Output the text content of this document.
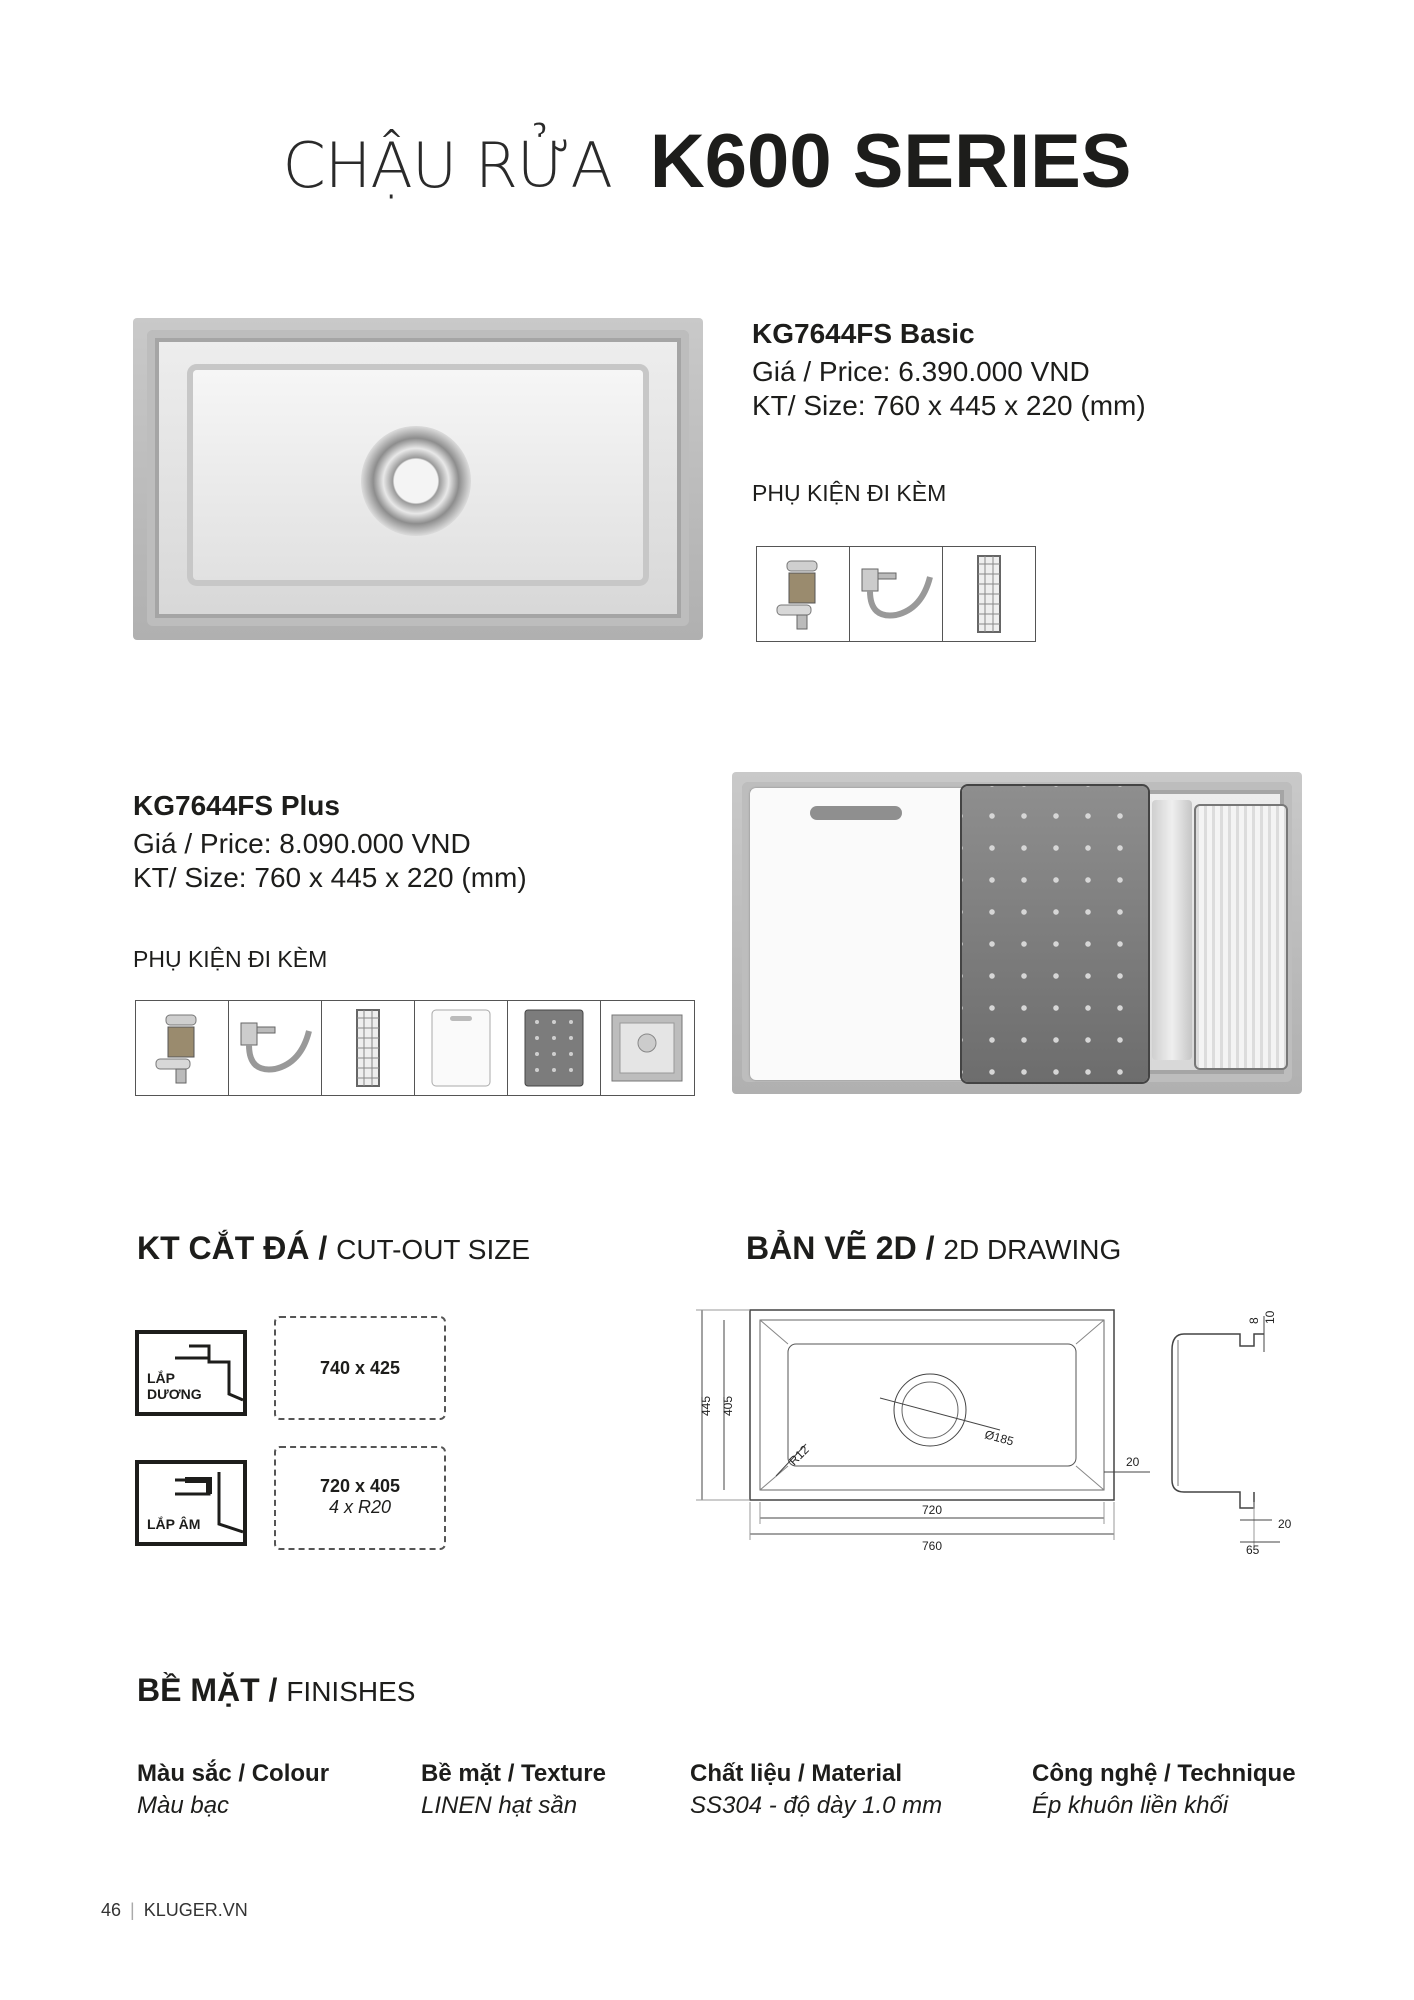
CHẬU RỬA K600 SERIES
KG7644FS Basic
Giá / Price: 6.390.000 VND
KT/ Size: 760 x 445 x 220 (mm)
PHỤ KIỆN ĐI KÈM
KG7644FS Plus
Giá / Price: 8.090.000 VND
KT/ Size: 760 x 445 x 220 (mm)
PHỤ KIỆN ĐI KÈM
KT CẮT ĐÁ / CUT-OUT SIZE
LẮP
DƯƠNG
740 x 425
LẮP ÂM
720 x 405
4 x R20
BẢN VẼ 2D / 2D DRAWING
445 405
Ø185
R12	20
720
760
8 10
20
65
BỀ MẶT / FINISHES
Màu sắc / Colour
Màu bạc
Bề mặt / Texture
LINEN hạt sần
Chất liệu / Material
SS304 - độ dày 1.0 mm
Công nghệ / Technique
Ép khuôn liền khối
46 | KLUGER.VN
